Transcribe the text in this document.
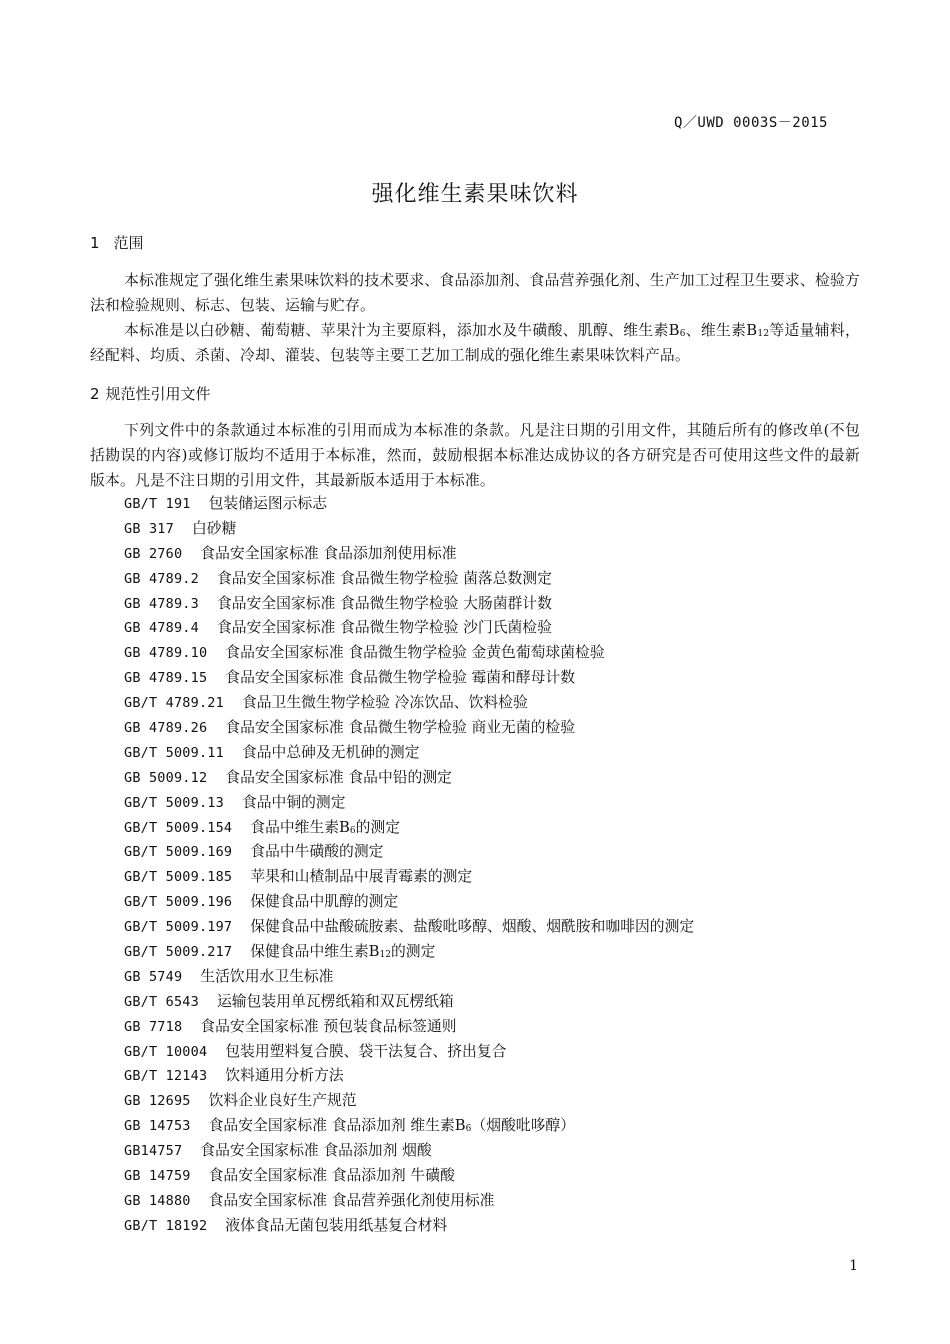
Q／UWD 0003S－2015
强化维生素果味饮料
1 范围
本标准规定了强化维生素果味饮料的技术要求、食品添加剂、食品营养强化剂、生产加工过程卫生要求、检验方法和检验规则、标志、包装、运输与贮存。
本标准是以白砂糖、葡萄糖、苹果汁为主要原料，添加水及牛磺酸、肌醇、维生素$B_6$、维生素$B_{12}$等适量辅料，经配料、均质、杀菌、冷却、灌装、包装等主要工艺加工制成的强化维生素果味饮料产品。
2 规范性引用文件
下列文件中的条款通过本标准的引用而成为本标准的条款。凡是注日期的引用文件，其随后所有的修改单(不包括勘误的内容)或修订版均不适用于本标准，然而，鼓励根据本标准达成协议的各方研究是否可使用这些文件的最新版本。凡是不注日期的引用文件，其最新版本适用于本标准。
GB/T 191 包装储运图示标志
GB 317 白砂糖
GB 2760 食品安全国家标准 食品添加剂使用标准
GB 4789.2 食品安全国家标准 食品微生物学检验 菌落总数测定
GB 4789.3 食品安全国家标准 食品微生物学检验 大肠菌群计数
GB 4789.4 食品安全国家标准 食品微生物学检验 沙门氏菌检验
GB 4789.10 食品安全国家标准 食品微生物学检验 金黄色葡萄球菌检验
GB 4789.15 食品安全国家标准 食品微生物学检验 霉菌和酵母计数
GB/T 4789.21 食品卫生微生物学检验 冷冻饮品、饮料检验
GB 4789.26 食品安全国家标准 食品微生物学检验 商业无菌的检验
GB/T 5009.11 食品中总砷及无机砷的测定
GB 5009.12 食品安全国家标准 食品中铅的测定
GB/T 5009.13 食品中铜的测定
GB/T 5009.154 食品中维生素$B_6$的测定
GB/T 5009.169 食品中牛磺酸的测定
GB/T 5009.185 苹果和山楂制品中展青霉素的测定
GB/T 5009.196 保健食品中肌醇的测定
GB/T 5009.197 保健食品中盐酸硫胺素、盐酸吡哆醇、烟酸、烟酰胺和咖啡因的测定
GB/T 5009.217 保健食品中维生素$B_{12}$的测定
GB 5749 生活饮用水卫生标准
GB/T 6543 运输包装用单瓦楞纸箱和双瓦楞纸箱
GB 7718 食品安全国家标准 预包装食品标签通则
GB/T 10004 包装用塑料复合膜、袋干法复合、挤出复合
GB/T 12143 饮料通用分析方法
GB 12695 饮料企业良好生产规范
GB 14753 食品安全国家标准 食品添加剂 维生素$B_6$（烟酸吡哆醇）
GB14757 食品安全国家标准 食品添加剂 烟酸
GB 14759 食品安全国家标准 食品添加剂 牛磺酸
GB 14880 食品安全国家标准 食品营养强化剂使用标准
GB/T 18192 液体食品无菌包装用纸基复合材料
1
